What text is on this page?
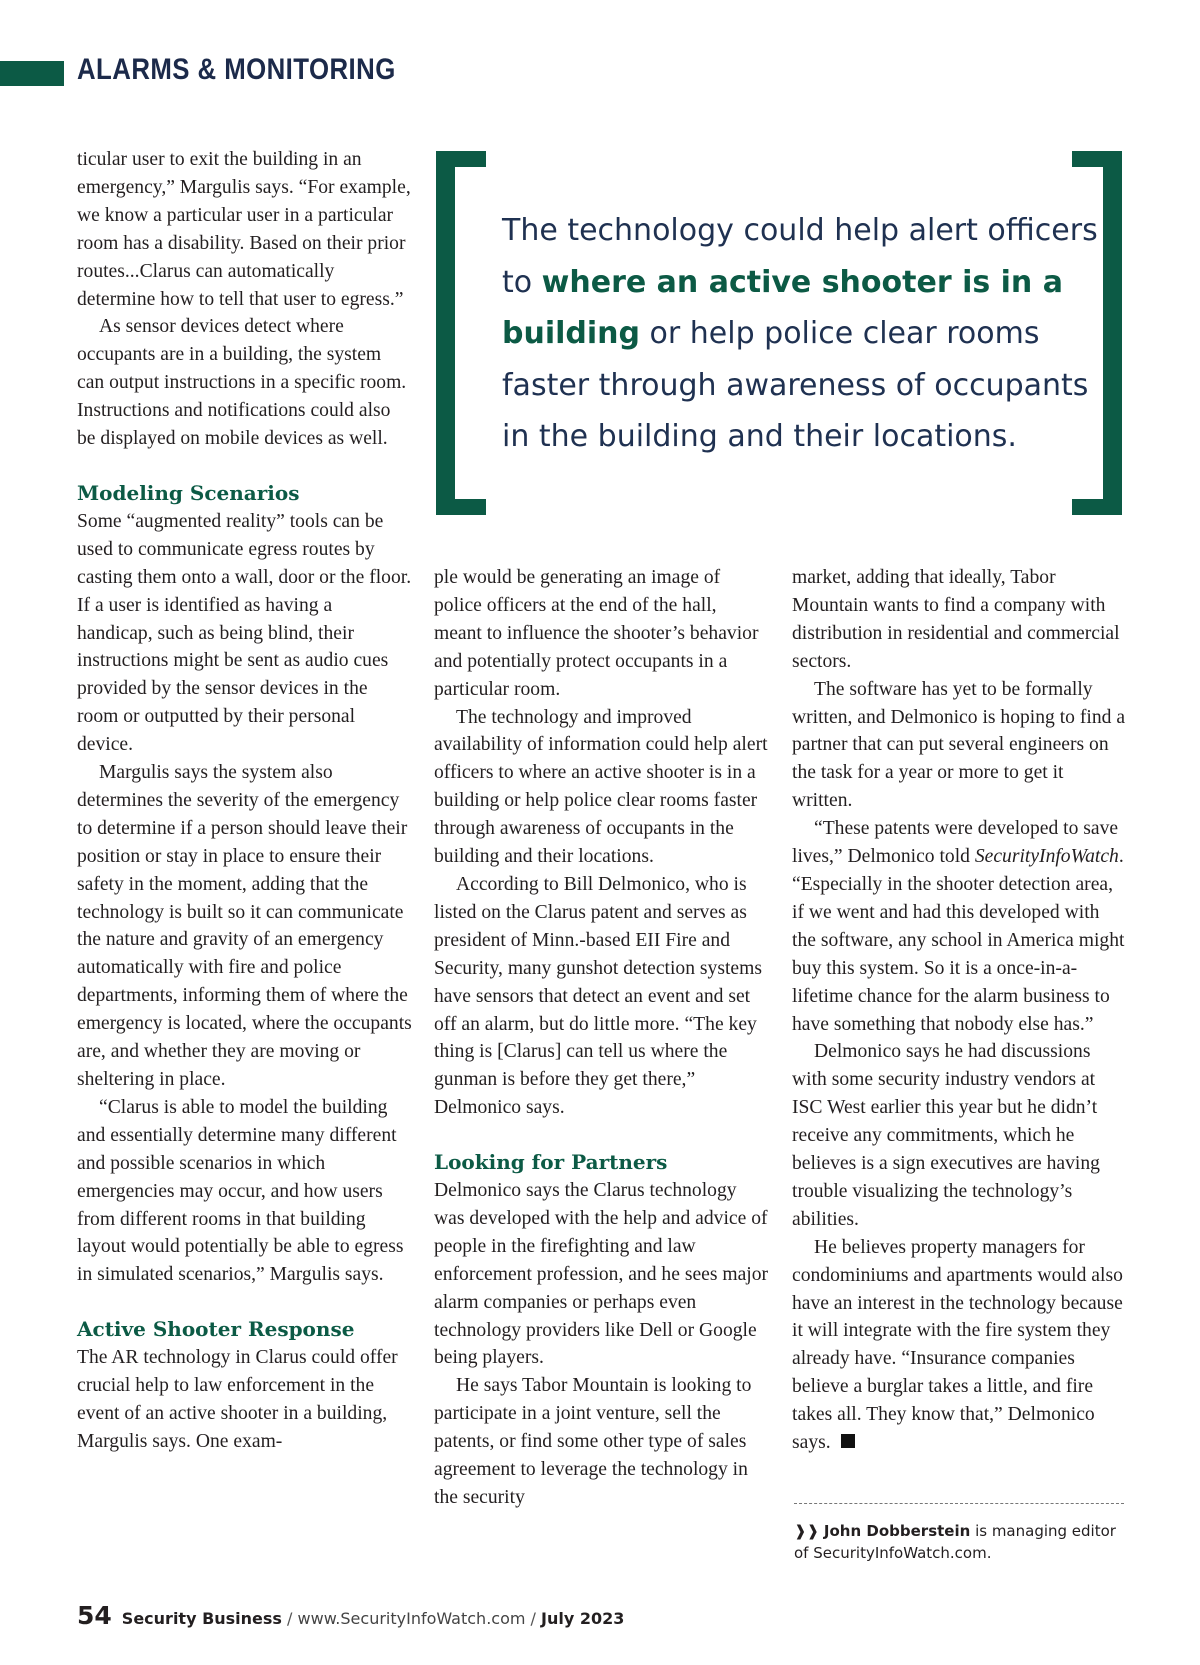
ALARMS & MONITORING

ticular user to exit the building in an emergency,” Margulis says. “For example, we know a particular user in a particular room has a disability. Based on their prior routes...Clarus can automatically determine how to tell that user to egress.”

As sensor devices detect where occupants are in a building, the system can output instructions in a specific room. Instructions and notifications could also be displayed on mobile devices as well.

Modeling Scenarios

Some “augmented reality” tools can be used to communicate egress routes by casting them onto a wall, door or the floor. If a user is identified as having a handicap, such as being blind, their instructions might be sent as audio cues provided by the sensor devices in the room or outputted by their personal device.

Margulis says the system also determines the severity of the emergency to determine if a person should leave their position or stay in place to ensure their safety in the moment, adding that the technology is built so it can communicate the nature and gravity of an emergency automatically with fire and police departments, informing them of where the emergency is located, where the occupants are, and whether they are moving or sheltering in place.

“Clarus is able to model the building and essentially determine many different and possible scenarios in which emergencies may occur, and how users from different rooms in that building layout would potentially be able to egress in simulated scenarios,” Margulis says.

Active Shooter Response

The AR technology in Clarus could offer crucial help to law enforcement in the event of an active shooter in a building, Margulis says. One exam-

The technology could help alert officers to where an active shooter is in a building or help police clear rooms faster through awareness of occupants in the building and their locations.

ple would be generating an image of police officers at the end of the hall, meant to influence the shooter’s behavior and potentially protect occupants in a particular room.

The technology and improved availability of information could help alert officers to where an active shooter is in a building or help police clear rooms faster through awareness of occupants in the building and their locations.

According to Bill Delmonico, who is listed on the Clarus patent and serves as president of Minn.-based EII Fire and Security, many gunshot detection systems have sensors that detect an event and set off an alarm, but do little more. “The key thing is [Clarus] can tell us where the gunman is before they get there,” Delmonico says.

Looking for Partners

Delmonico says the Clarus technology was developed with the help and advice of people in the firefighting and law enforcement profession, and he sees major alarm companies or perhaps even technology providers like Dell or Google being players.

He says Tabor Mountain is looking to participate in a joint venture, sell the patents, or find some other type of sales agreement to leverage the technology in the security

market, adding that ideally, Tabor Mountain wants to find a company with distribution in residential and commercial sectors.

The software has yet to be formally written, and Delmonico is hoping to find a partner that can put several engineers on the task for a year or more to get it written.

“These patents were developed to save lives,” Delmonico told SecurityInfoWatch. “Especially in the shooter detection area, if we went and had this developed with the software, any school in America might buy this system. So it is a once-in-a-lifetime chance for the alarm business to have something that nobody else has.”

Delmonico says he had discussions with some security industry vendors at ISC West earlier this year but he didn’t receive any commitments, which he believes is a sign executives are having trouble visualizing the technology’s abilities.

He believes property managers for condominiums and apartments would also have an interest in the technology because it will integrate with the fire system they already have. “Insurance companies believe a burglar takes a little, and fire takes all. They know that,” Delmonico says.

❱❱ John Dobberstein is managing editor of SecurityInfoWatch.com.

54 Security Business / www.SecurityInfoWatch.com / July 2023
